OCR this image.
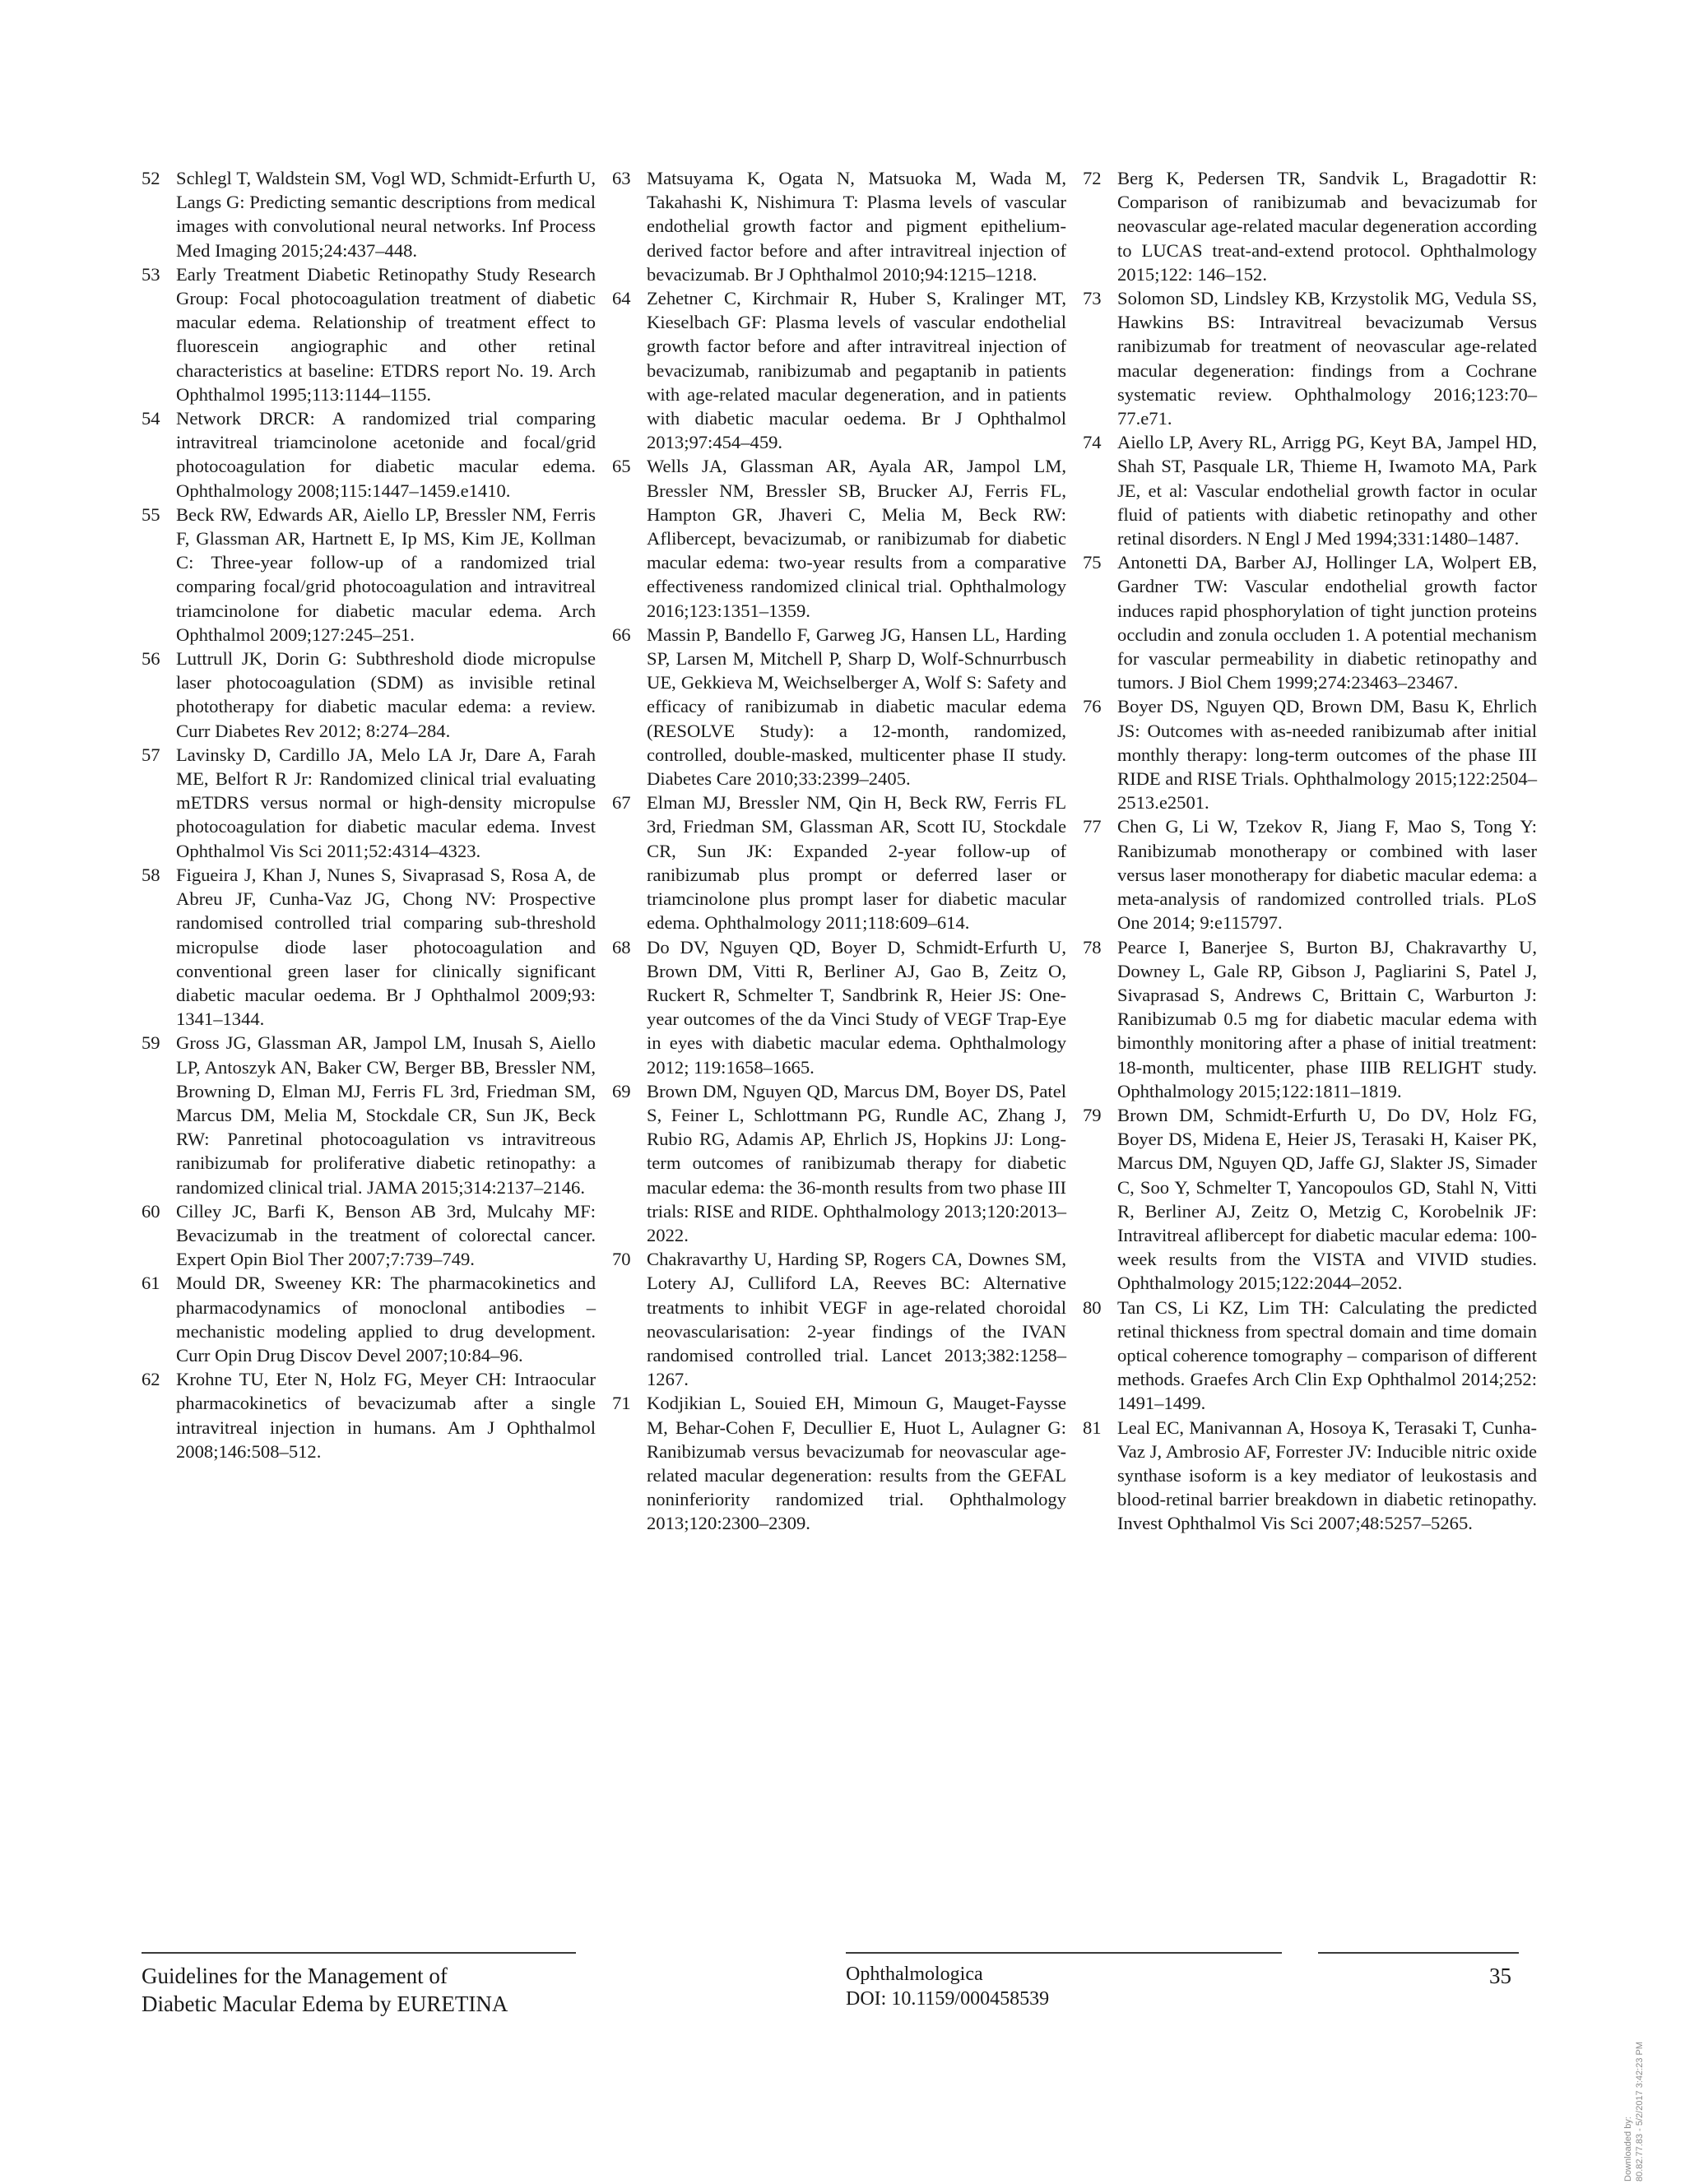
52 Schlegl T, Waldstein SM, Vogl WD, Schmidt-Erfurth U, Langs G: Predicting semantic descriptions from medical images with convolutional neural networks. Inf Process Med Imaging 2015;24:437–448.
53 Early Treatment Diabetic Retinopathy Study Research Group: Focal photocoagulation treatment of diabetic macular edema. Relationship of treatment effect to fluorescein angiographic and other retinal characteristics at baseline: ETDRS report No. 19. Arch Ophthalmol 1995;113:1144–1155.
54 Network DRCR: A randomized trial comparing intravitreal triamcinolone acetonide and focal/grid photocoagulation for diabetic macular edema. Ophthalmology 2008;115:1447–1459.e1410.
55 Beck RW, Edwards AR, Aiello LP, Bressler NM, Ferris F, Glassman AR, Hartnett E, Ip MS, Kim JE, Kollman C: Three-year follow-up of a randomized trial comparing focal/grid photocoagulation and intravitreal triamcinolone for diabetic macular edema. Arch Ophthalmol 2009;127:245–251.
56 Luttrull JK, Dorin G: Subthreshold diode micropulse laser photocoagulation (SDM) as invisible retinal phototherapy for diabetic macular edema: a review. Curr Diabetes Rev 2012; 8:274–284.
57 Lavinsky D, Cardillo JA, Melo LA Jr, Dare A, Farah ME, Belfort R Jr: Randomized clinical trial evaluating mETDRS versus normal or high-density micropulse photocoagulation for diabetic macular edema. Invest Ophthalmol Vis Sci 2011;52:4314–4323.
58 Figueira J, Khan J, Nunes S, Sivaprasad S, Rosa A, de Abreu JF, Cunha-Vaz JG, Chong NV: Prospective randomised controlled trial comparing sub-threshold micropulse diode laser photocoagulation and conventional green laser for clinically significant diabetic macular oedema. Br J Ophthalmol 2009;93: 1341–1344.
59 Gross JG, Glassman AR, Jampol LM, Inusah S, Aiello LP, Antoszyk AN, Baker CW, Berger BB, Bressler NM, Browning D, Elman MJ, Ferris FL 3rd, Friedman SM, Marcus DM, Melia M, Stockdale CR, Sun JK, Beck RW: Panretinal photocoagulation vs intravitreous ranibizumab for proliferative diabetic retinopathy: a randomized clinical trial. JAMA 2015;314:2137–2146.
60 Cilley JC, Barfi K, Benson AB 3rd, Mulcahy MF: Bevacizumab in the treatment of colorectal cancer. Expert Opin Biol Ther 2007;7:739–749.
61 Mould DR, Sweeney KR: The pharmacokinetics and pharmacodynamics of monoclonal antibodies – mechanistic modeling applied to drug development. Curr Opin Drug Discov Devel 2007;10:84–96.
62 Krohne TU, Eter N, Holz FG, Meyer CH: Intraocular pharmacokinetics of bevacizumab after a single intravitreal injection in humans. Am J Ophthalmol 2008;146:508–512.
63 Matsuyama K, Ogata N, Matsuoka M, Wada M, Takahashi K, Nishimura T: Plasma levels of vascular endothelial growth factor and pigment epithelium-derived factor before and after intravitreal injection of bevacizumab. Br J Ophthalmol 2010;94:1215–1218.
64 Zehetner C, Kirchmair R, Huber S, Kralinger MT, Kieselbach GF: Plasma levels of vascular endothelial growth factor before and after intravitreal injection of bevacizumab, ranibizumab and pegaptanib in patients with age-related macular degeneration, and in patients with diabetic macular oedema. Br J Ophthalmol 2013;97:454–459.
65 Wells JA, Glassman AR, Ayala AR, Jampol LM, Bressler NM, Bressler SB, Brucker AJ, Ferris FL, Hampton GR, Jhaveri C, Melia M, Beck RW: Aflibercept, bevacizumab, or ranibizumab for diabetic macular edema: two-year results from a comparative effectiveness randomized clinical trial. Ophthalmology 2016;123:1351–1359.
66 Massin P, Bandello F, Garweg JG, Hansen LL, Harding SP, Larsen M, Mitchell P, Sharp D, Wolf-Schnurrbusch UE, Gekkieva M, Weichselberger A, Wolf S: Safety and efficacy of ranibizumab in diabetic macular edema (RESOLVE Study): a 12-month, randomized, controlled, double-masked, multicenter phase II study. Diabetes Care 2010;33:2399–2405.
67 Elman MJ, Bressler NM, Qin H, Beck RW, Ferris FL 3rd, Friedman SM, Glassman AR, Scott IU, Stockdale CR, Sun JK: Expanded 2-year follow-up of ranibizumab plus prompt or deferred laser or triamcinolone plus prompt laser for diabetic macular edema. Ophthalmology 2011;118:609–614.
68 Do DV, Nguyen QD, Boyer D, Schmidt-Erfurth U, Brown DM, Vitti R, Berliner AJ, Gao B, Zeitz O, Ruckert R, Schmelter T, Sandbrink R, Heier JS: One-year outcomes of the da Vinci Study of VEGF Trap-Eye in eyes with diabetic macular edema. Ophthalmology 2012; 119:1658–1665.
69 Brown DM, Nguyen QD, Marcus DM, Boyer DS, Patel S, Feiner L, Schlottmann PG, Rundle AC, Zhang J, Rubio RG, Adamis AP, Ehrlich JS, Hopkins JJ: Long-term outcomes of ranibizumab therapy for diabetic macular edema: the 36-month results from two phase III trials: RISE and RIDE. Ophthalmology 2013;120:2013–2022.
70 Chakravarthy U, Harding SP, Rogers CA, Downes SM, Lotery AJ, Culliford LA, Reeves BC: Alternative treatments to inhibit VEGF in age-related choroidal neovascularisation: 2-year findings of the IVAN randomised controlled trial. Lancet 2013;382:1258–1267.
71 Kodjikian L, Souied EH, Mimoun G, Mauget-Faysse M, Behar-Cohen F, Decullier E, Huot L, Aulagner G: Ranibizumab versus bevacizumab for neovascular age-related macular degeneration: results from the GEFAL noninferiority randomized trial. Ophthalmology 2013;120:2300–2309.
72 Berg K, Pedersen TR, Sandvik L, Bragadottir R: Comparison of ranibizumab and bevacizumab for neovascular age-related macular degeneration according to LUCAS treat-and-extend protocol. Ophthalmology 2015;122: 146–152.
73 Solomon SD, Lindsley KB, Krzystolik MG, Vedula SS, Hawkins BS: Intravitreal bevacizumab Versus ranibizumab for treatment of neovascular age-related macular degeneration: findings from a Cochrane systematic review. Ophthalmology 2016;123:70–77.e71.
74 Aiello LP, Avery RL, Arrigg PG, Keyt BA, Jampel HD, Shah ST, Pasquale LR, Thieme H, Iwamoto MA, Park JE, et al: Vascular endothelial growth factor in ocular fluid of patients with diabetic retinopathy and other retinal disorders. N Engl J Med 1994;331:1480–1487.
75 Antonetti DA, Barber AJ, Hollinger LA, Wolpert EB, Gardner TW: Vascular endothelial growth factor induces rapid phosphorylation of tight junction proteins occludin and zonula occluden 1. A potential mechanism for vascular permeability in diabetic retinopathy and tumors. J Biol Chem 1999;274:23463–23467.
76 Boyer DS, Nguyen QD, Brown DM, Basu K, Ehrlich JS: Outcomes with as-needed ranibizumab after initial monthly therapy: long-term outcomes of the phase III RIDE and RISE Trials. Ophthalmology 2015;122:2504–2513.e2501.
77 Chen G, Li W, Tzekov R, Jiang F, Mao S, Tong Y: Ranibizumab monotherapy or combined with laser versus laser monotherapy for diabetic macular edema: a meta-analysis of randomized controlled trials. PLoS One 2014; 9:e115797.
78 Pearce I, Banerjee S, Burton BJ, Chakravarthy U, Downey L, Gale RP, Gibson J, Pagliarini S, Patel J, Sivaprasad S, Andrews C, Brittain C, Warburton J: Ranibizumab 0.5 mg for diabetic macular edema with bimonthly monitoring after a phase of initial treatment: 18-month, multicenter, phase IIIB RELIGHT study. Ophthalmology 2015;122:1811–1819.
79 Brown DM, Schmidt-Erfurth U, Do DV, Holz FG, Boyer DS, Midena E, Heier JS, Terasaki H, Kaiser PK, Marcus DM, Nguyen QD, Jaffe GJ, Slakter JS, Simader C, Soo Y, Schmelter T, Yancopoulos GD, Stahl N, Vitti R, Berliner AJ, Zeitz O, Metzig C, Korobelnik JF: Intravitreal aflibercept for diabetic macular edema: 100-week results from the VISTA and VIVID studies. Ophthalmology 2015;122:2044–2052.
80 Tan CS, Li KZ, Lim TH: Calculating the predicted retinal thickness from spectral domain and time domain optical coherence tomography – comparison of different methods. Graefes Arch Clin Exp Ophthalmol 2014;252: 1491–1499.
81 Leal EC, Manivannan A, Hosoya K, Terasaki T, Cunha-Vaz J, Ambrosio AF, Forrester JV: Inducible nitric oxide synthase isoform is a key mediator of leukostasis and blood-retinal barrier breakdown in diabetic retinopathy. Invest Ophthalmol Vis Sci 2007;48:5257–5265.
Guidelines for the Management of
Diabetic Macular Edema by EURETINA
Ophthalmologica
DOI: 10.1159/000458539
35
Downloaded by: 80.82.77.83 - 5/2/2017 3:42:23 PM
